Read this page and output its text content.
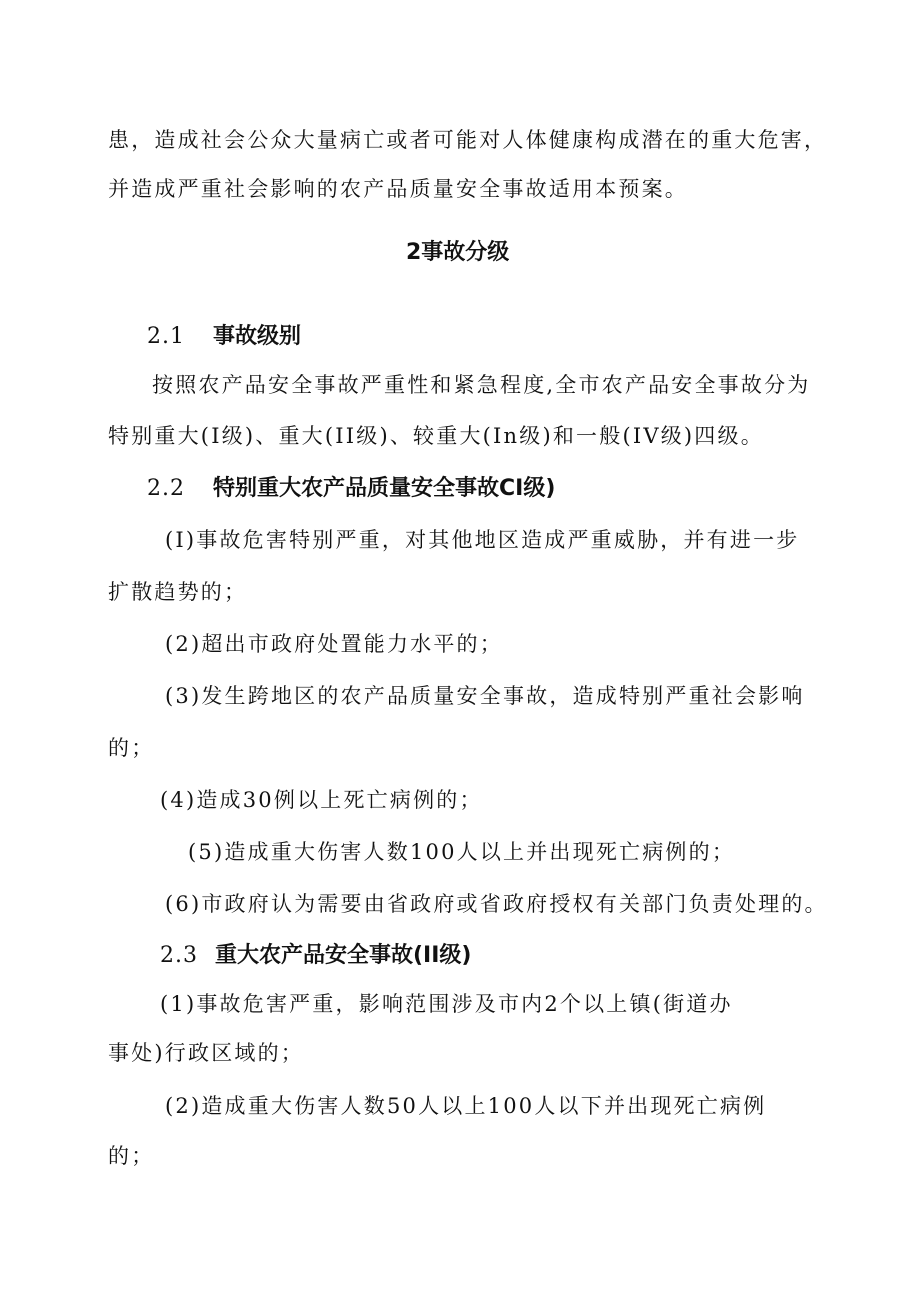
患，造成社会公众大量病亡或者可能对人体健康构成潜在的重大危害，

并造成严重社会影响的农产品质量安全事故适用本预案。

2事故分级

2.1 事故级别

按照农产品安全事故严重性和紧急程度,全市农产品安全事故分为

特别重大(I级)、重大(II级)、较重大(In级)和一般(IV级)四级。

2.2 特别重大农产品质量安全事故CI级)

(I)事故危害特别严重，对其他地区造成严重威胁，并有进一步

扩散趋势的；

(2)超出市政府处置能力水平的；

(3)发生跨地区的农产品质量安全事故，造成特别严重社会影响

的；

(4)造成30例以上死亡病例的；

(5)造成重大伤害人数100人以上并出现死亡病例的；

(6)市政府认为需要由省政府或省政府授权有关部门负责处理的。

2.3 重大农产品安全事故(II级)

(1)事故危害严重，影响范围涉及市内2个以上镇(街道办

事处)行政区域的；

(2)造成重大伤害人数50人以上100人以下并出现死亡病例

的；
